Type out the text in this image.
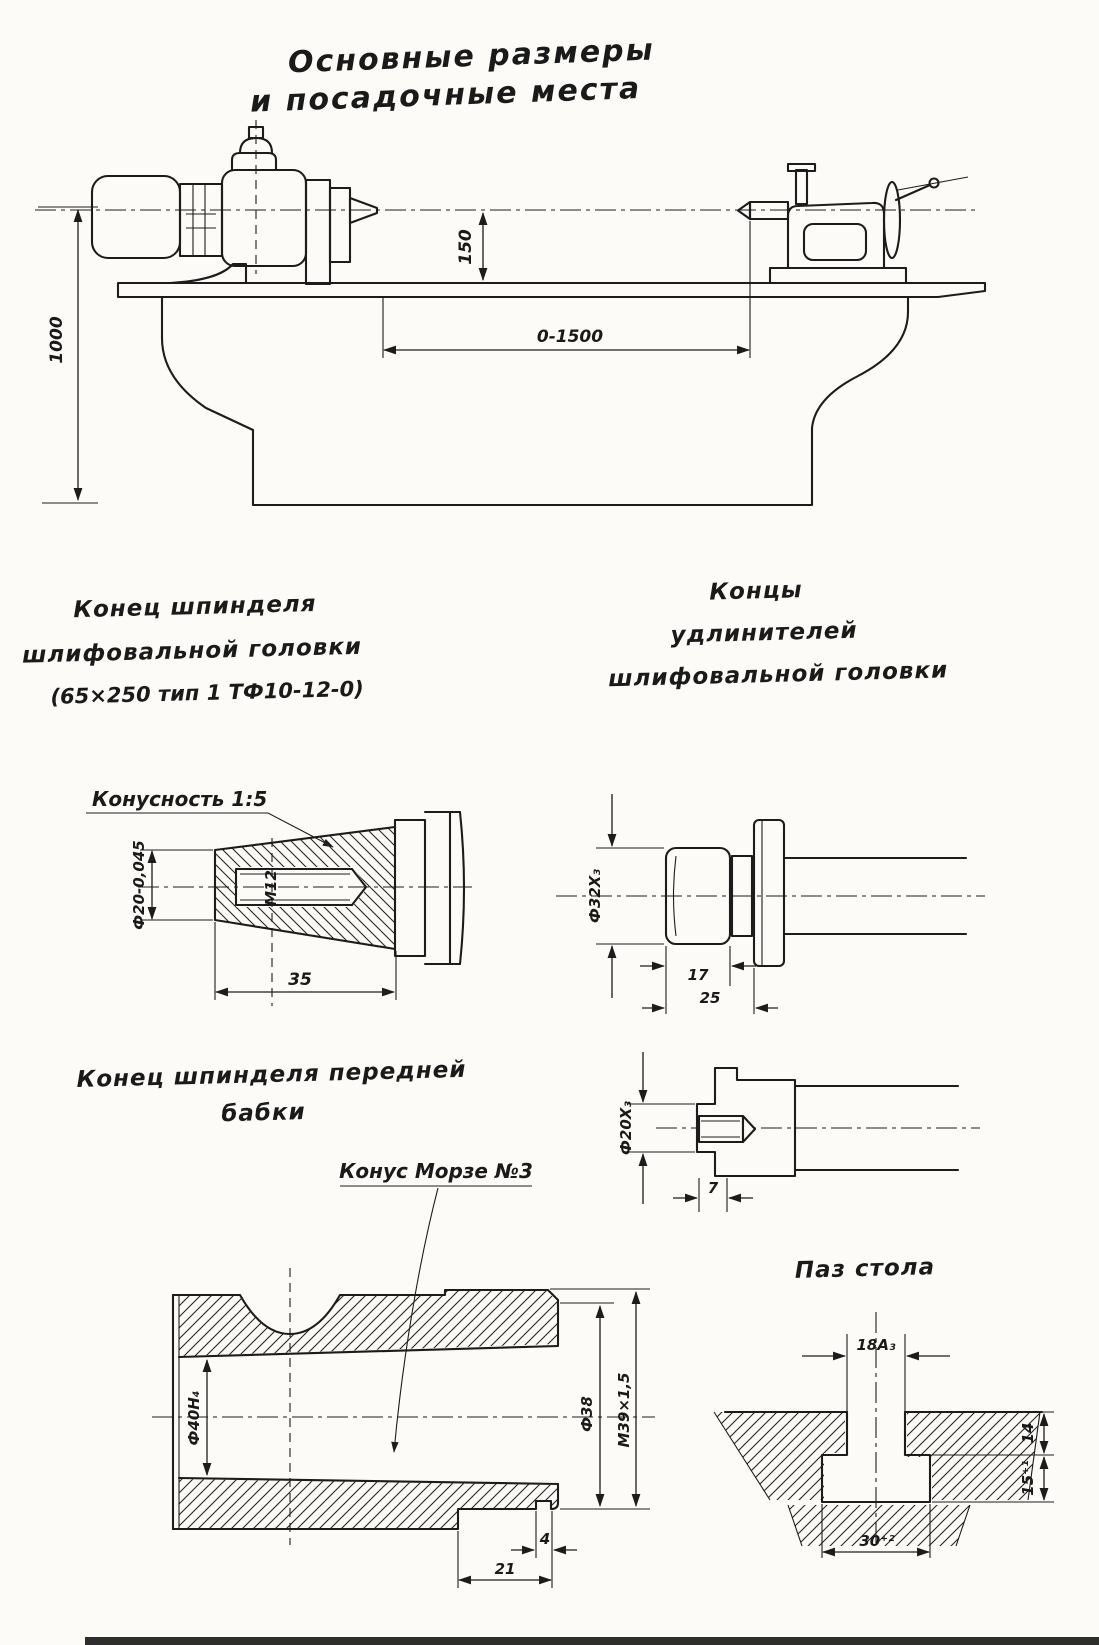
Основные размеры
и посадочные места
1000
150
0-1500
Конец шпинделя
шлифовальной головки
(65×250 тип 1 ТФ10-12-0)
Концы
удлинителей
шлифовальной головки
Конусность 1:5
М12
Ф20-0,045
35
Ф32Х₃
17
25
Ф20Х₃
7
Конец шпинделя передней
бабки
Конус Морзе №3
Ф40Н₄	Ф38 М39×1,5
4
21
Паз стола
18А₃
14
15⁺¹
30⁺²
